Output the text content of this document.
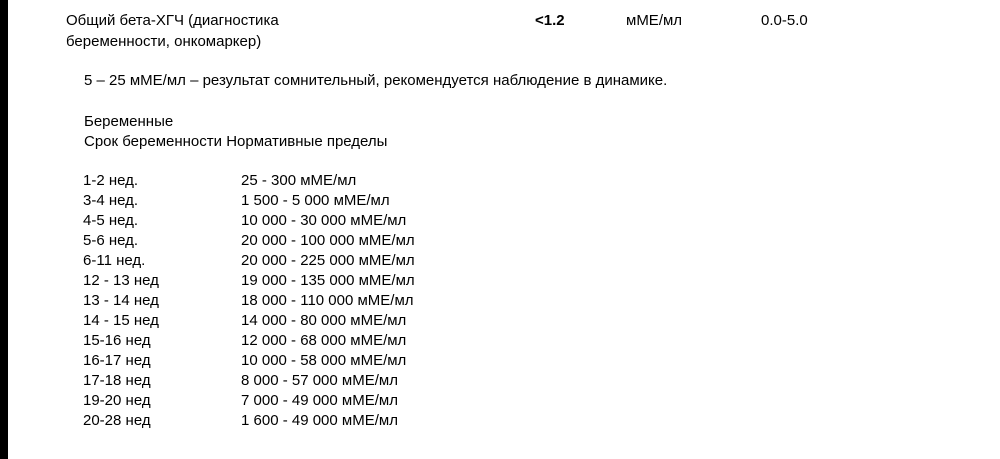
Общий бета-ХГЧ (диагностика
беременности, онкомаркер)
<1.2	мМЕ/мл	0.0-5.0
5 – 25 мМЕ/мл – результат сомнительный, рекомендуется наблюдение в динамике.
Беременные
Срок беременности Нормативные пределы
1-2 нед.	25 - 300 мМЕ/мл
3-4 нед.	1 500 - 5 000 мМЕ/мл
4-5 нед.	10 000 - 30 000 мМЕ/мл
5-6 нед.	20 000 - 100 000 мМЕ/мл
6-11 нед.	20 000 - 225 000 мМЕ/мл
12 - 13 нед	19 000 - 135 000 мМЕ/мл
13 - 14 нед	18 000 - 110 000 мМЕ/мл
14 - 15 нед	14 000 - 80 000 мМЕ/мл
15-16 нед	12 000 - 68 000 мМЕ/мл
16-17 нед	10 000 - 58 000 мМЕ/мл
17-18 нед	8 000 - 57 000 мМЕ/мл
19-20 нед	7 000 - 49 000 мМЕ/мл
20-28 нед	1 600 - 49 000 мМЕ/мл
